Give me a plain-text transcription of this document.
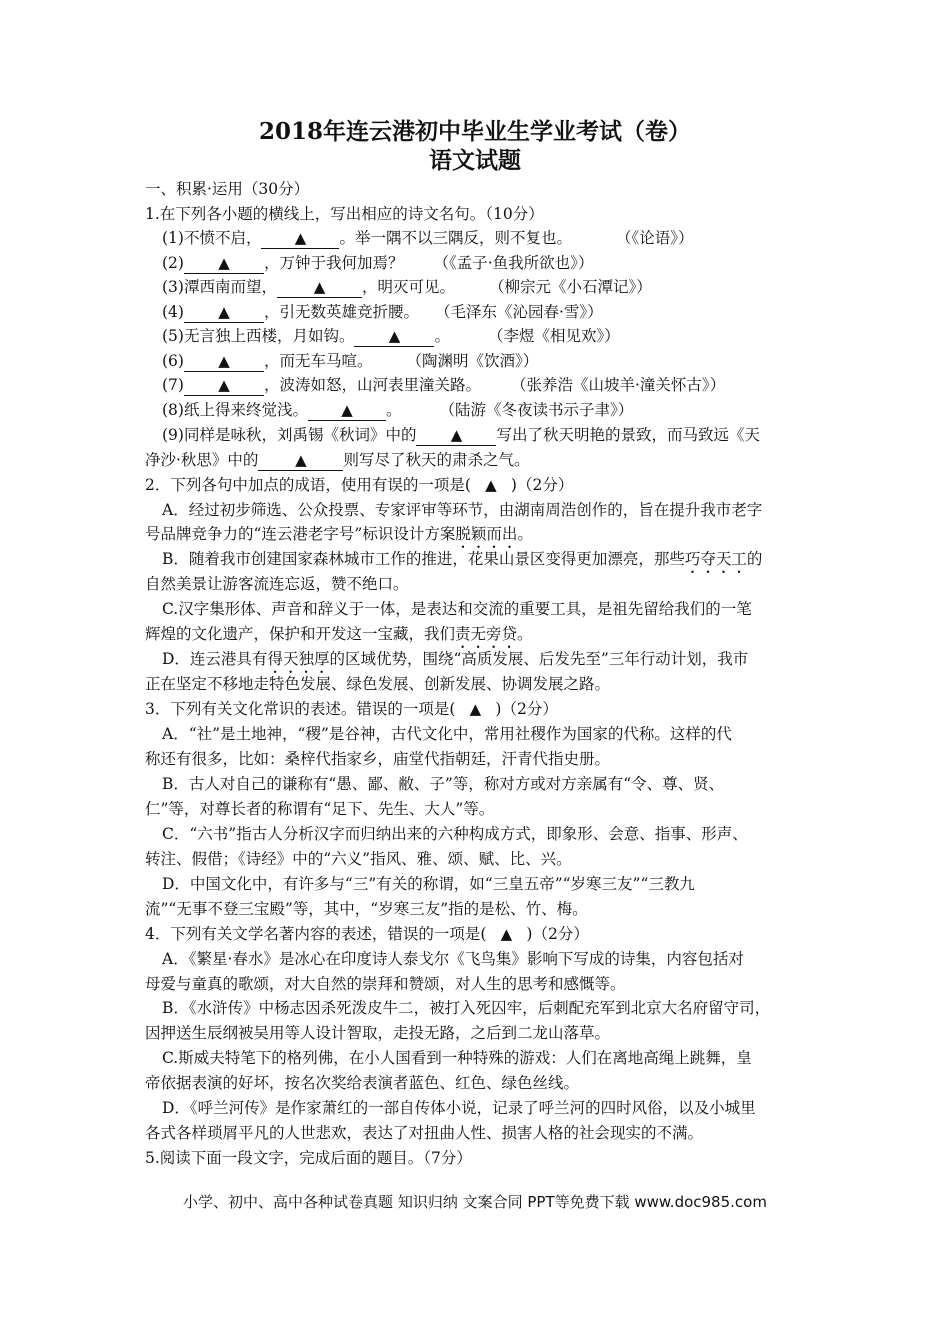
2018年连云港初中毕业生学业考试（卷）
语文试题
一、积累·运用（30分）
1.在下列各小题的横线上，写出相应的诗文名句。（10分）
(1)不愤不启， ▲ 。举一隅不以三隅反，则不复也。	（《论语》）
(2) ▲ ，万钟于我何加焉？ （《孟子·鱼我所欲也》）
(3)潭西南而望， ▲ ，明灭可见。 （柳宗元《小石潭记》）
(4) ▲ ，引无数英雄竞折腰。 （毛泽东《沁园春·雪》）
(5)无言独上西楼，月如钩。 ▲ 。 （李煜《相见欢》）
(6) ▲ ，而无车马喧。 （陶渊明《饮酒》）
(7) ▲ ，波涛如怒，山河表里潼关路。 （张养浩《山坡羊·潼关怀古》）
(8)纸上得来终觉浅。 ▲ 。 （陆游《冬夜读书示子聿》）
(9)同样是咏秋，刘禹锡《秋词》中的 ▲ 写出了秋天明艳的景致，而马致远《天
净沙·秋思》中的 ▲ 则写尽了秋天的肃杀之气。
2．下列各句中加点的成语，使用有误的一项是( ▲ )（2分）
A．经过初步筛选、公众投票、专家评审等环节，由湖南周浩创作的，旨在提升我市老字
号品牌竞争力的“连云港老字号”标识设计方案脱颖而出。
B．随着我市创建国家森林城市工作的推进，花果山景区变得更加漂亮，那些巧夺天工的
自然美景让游客流连忘返，赞不绝口。
C.汉字集形体、声音和辞义于一体，是表达和交流的重要工具，是祖先留给我们的一笔
辉煌的文化遗产，保护和开发这一宝藏，我们责无旁贷。
D．连云港具有得天独厚的区域优势，围绕“高质发展、后发先至”三年行动计划，我市
正在坚定不移地走特色发展、绿色发展、创新发展、协调发展之路。
3．下列有关文化常识的表述。错误的一项是( ▲ )（2分）
A．“社”是土地神，“稷”是谷神，古代文化中，常用社稷作为国家的代称。这样的代
称还有很多，比如：桑梓代指家乡，庙堂代指朝廷，汗青代指史册。
B．古人对自己的谦称有“愚、鄙、敝、子”等，称对方或对方亲属有“令、尊、贤、
仁”等，对尊长者的称谓有“足下、先生、大人”等。
C．“六书”指古人分析汉字而归纳出来的六种构成方式，即象形、会意、指事、形声、
转注、假借；《诗经》中的“六义”指风、雅、颂、赋、比、兴。
D．中国文化中，有许多与“三”有关的称谓，如“三皇五帝”“岁寒三友”“三教九
流”“无事不登三宝殿”等，其中，“岁寒三友”指的是松、竹、梅。
4．下列有关文学名著内容的表述，错误的一项是( ▲ )（2分）
A．《繁星·春水》是冰心在印度诗人泰戈尔《飞鸟集》影响下写成的诗集，内容包括对
母爱与童真的歌颂，对大自然的崇拜和赞颂，对人生的思考和感慨等。
B．《水浒传》中杨志因杀死泼皮牛二，被打入死囚牢，后刺配充军到北京大名府留守司，
因押送生辰纲被吴用等人设计智取，走投无路，之后到二龙山落草。
C.斯威夫特笔下的格列佛，在小人国看到一种特殊的游戏：人们在离地高绳上跳舞，皇
帝依据表演的好坏，按名次奖给表演者蓝色、红色、绿色丝线。
D．《呼兰河传》是作家萧红的一部自传体小说，记录了呼兰河的四时风俗，以及小城里
各式各样琐屑平凡的人世悲欢，表达了对扭曲人性、损害人格的社会现实的不满。
5.阅读下面一段文字，完成后面的题目。（7分）
小学、初中、高中各种试卷真题 知识归纳 文案合同 PPT等免费下载 www.doc985.com
